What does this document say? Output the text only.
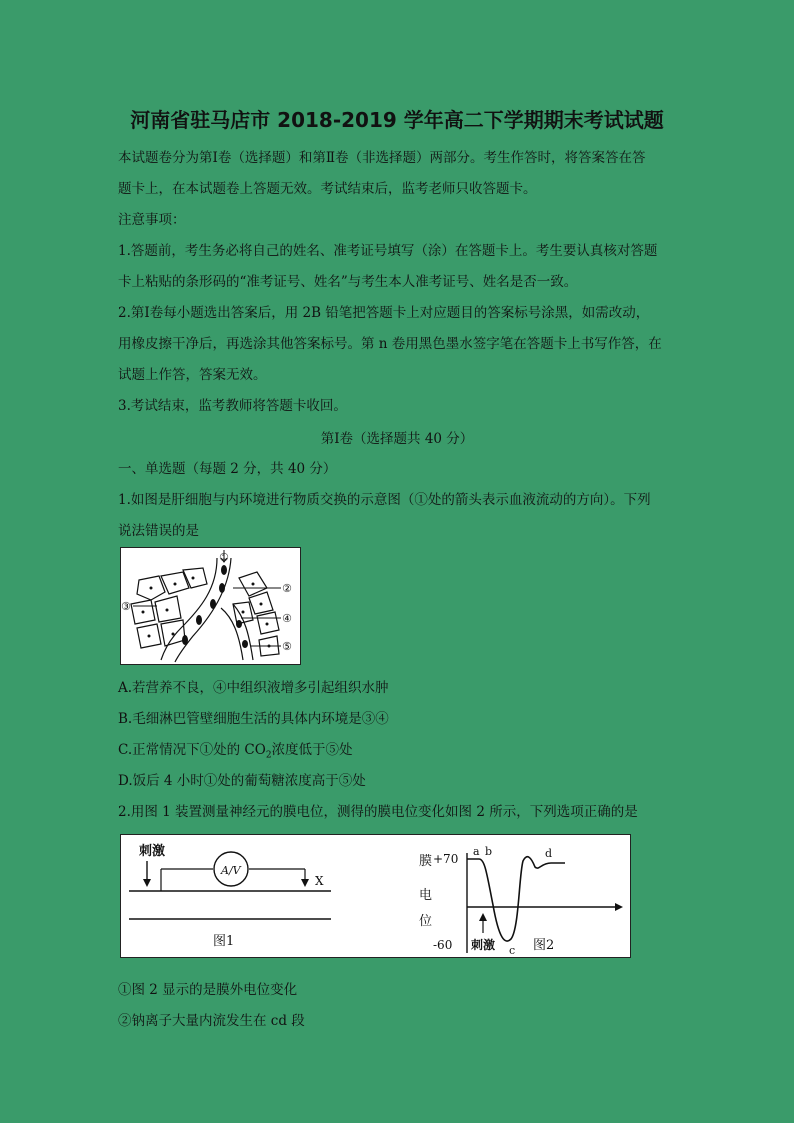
河南省驻马店市 2018-2019 学年高二下学期期末考试试题
本试题卷分为第Ⅰ卷（选择题）和第Ⅱ卷（非选择题）两部分。考生作答时，将答案答在答
题卡上，在本试题卷上答题无效。考试结束后，监考老师只收答题卡。
注意事项：
1.答题前，考生务必将自己的姓名、准考证号填写（涂）在答题卡上。考生要认真核对答题
卡上粘贴的条形码的“准考证号、姓名”与考生本人准考证号、姓名是否一致。
2.第Ⅰ卷每小题选出答案后，用 2B 铅笔把答题卡上对应题目的答案标号涂黑，如需改动，
用橡皮擦干净后，再选涂其他答案标号。第 n 卷用黑色墨水签字笔在答题卡上书写作答，在
试题上作答，答案无效。
3.考试结束，监考教师将答题卡收回。
第Ⅰ卷（选择题共 40 分）
一、单选题（每题 2 分，共 40 分）
1.如图是肝细胞与内环境进行物质交换的示意图（①处的箭头表示血液流动的方向）。下列
说法错误的是
①
②
③
④
⑤
A.若营养不良，④中组织液增多引起组织水肿
B.毛细淋巴管壁细胞生活的具体内环境是③④
C.正常情况下①处的 $CO_2$浓度低于⑤处
D.饭后 4 小时①处的葡萄糖浓度高于⑤处
2.用图 1 装置测量神经元的膜电位，测得的膜电位变化如图 2 所示，下列选项正确的是
刺激
A/V
X
图1
膜
电
位
+70
-60
a b
c
d
刺激	图2
①图 2 显示的是膜外电位变化
②钠离子大量内流发生在 cd 段
